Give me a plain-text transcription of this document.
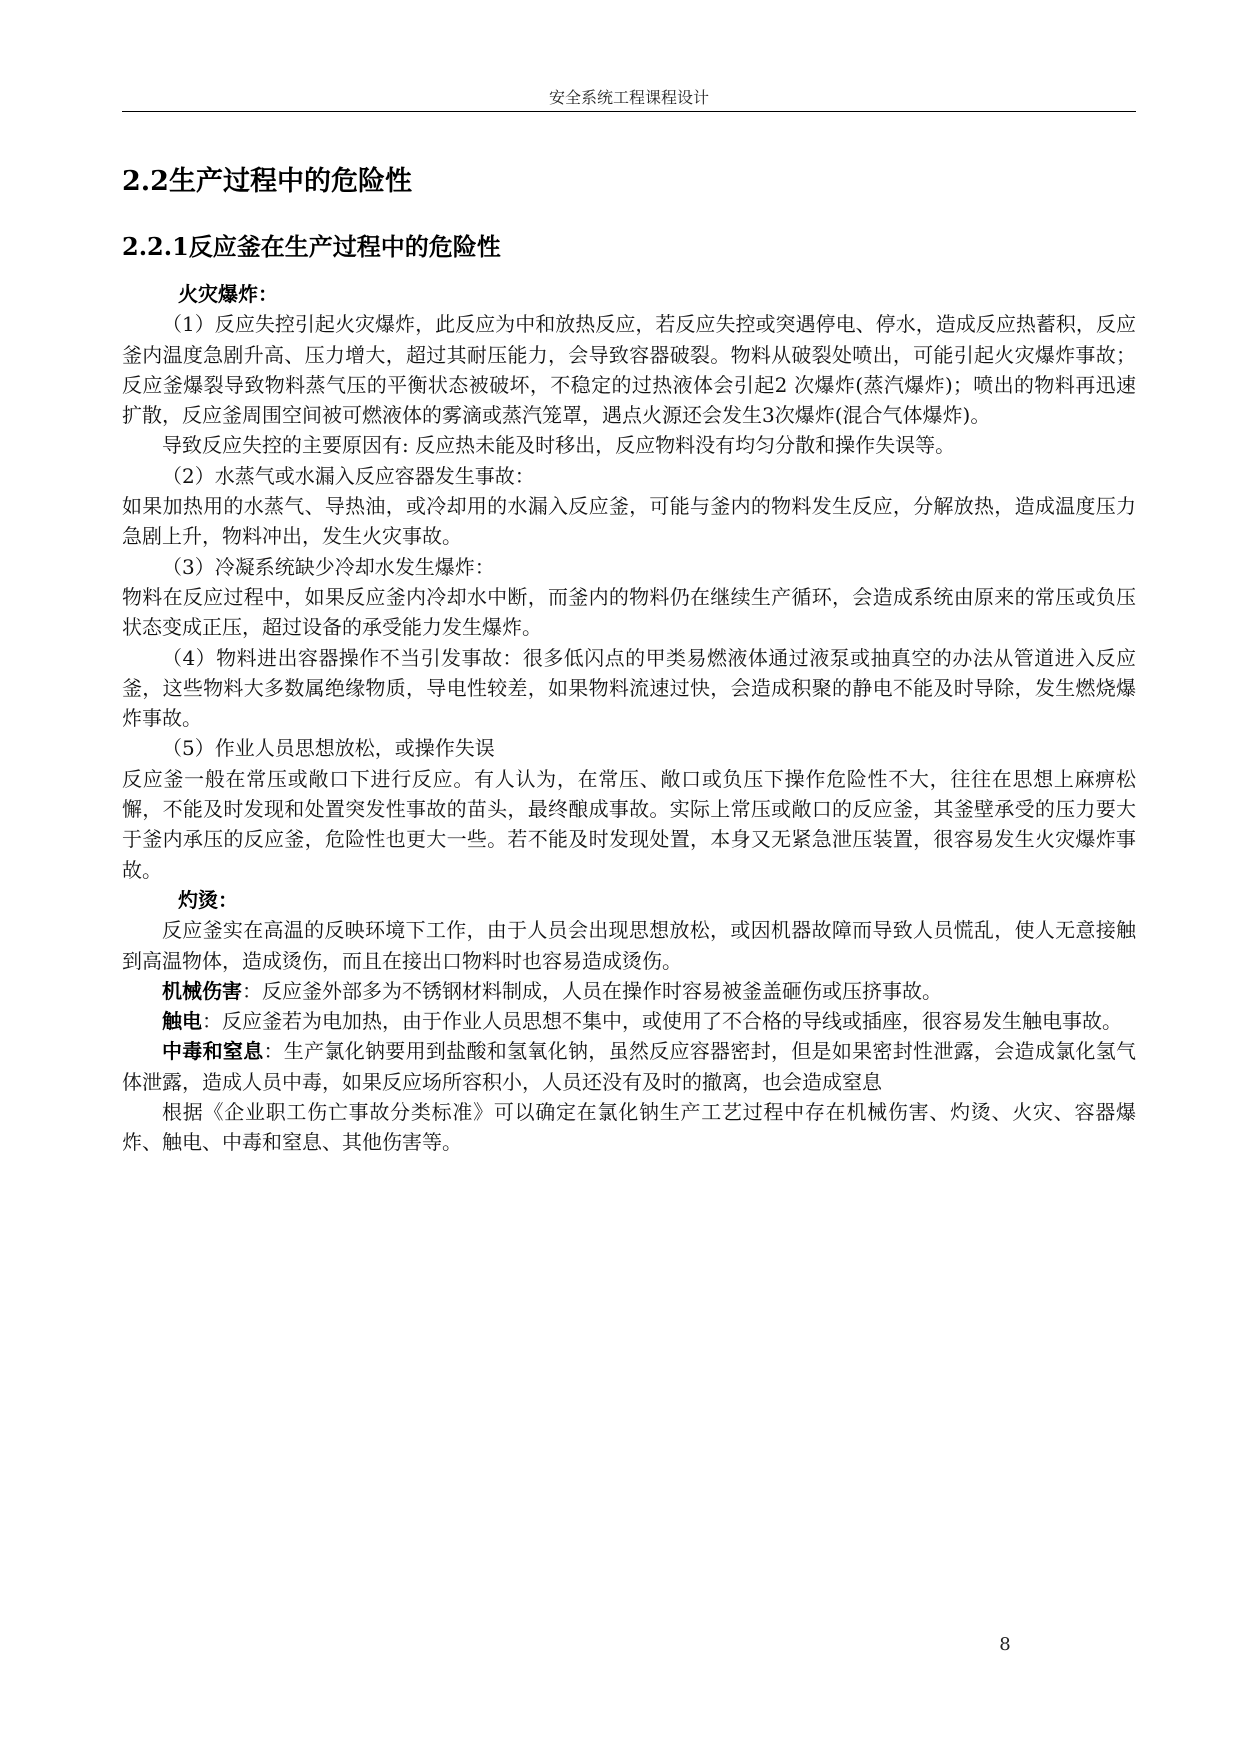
安全系统工程课程设计
2.2生产过程中的危险性
2.2.1反应釜在生产过程中的危险性

火灾爆炸：

（1）反应失控引起火灾爆炸，此反应为中和放热反应，若反应失控或突遇停电、停水，造成反应热蓄积，反应釜内温度急剧升高、压力增大，超过其耐压能力，会导致容器破裂。物料从破裂处喷出，可能引起火灾爆炸事故；反应釜爆裂导致物料蒸气压的平衡状态被破坏，不稳定的过热液体会引起2 次爆炸(蒸汽爆炸)；喷出的物料再迅速扩散，反应釜周围空间被可燃液体的雾滴或蒸汽笼罩，遇点火源还会发生3次爆炸(混合气体爆炸)。

导致反应失控的主要原因有: 反应热未能及时移出，反应物料没有均匀分散和操作失误等。

（2）水蒸气或水漏入反应容器发生事故：

如果加热用的水蒸气、导热油，或冷却用的水漏入反应釜，可能与釜内的物料发生反应，分解放热，造成温度压力急剧上升，物料冲出，发生火灾事故。

（3）冷凝系统缺少冷却水发生爆炸：

物料在反应过程中，如果反应釜内冷却水中断，而釜内的物料仍在继续生产循环，会造成系统由原来的常压或负压状态变成正压，超过设备的承受能力发生爆炸。

（4）物料进出容器操作不当引发事故：很多低闪点的甲类易燃液体通过液泵或抽真空的办法从管道进入反应釜，这些物料大多数属绝缘物质，导电性较差，如果物料流速过快，会造成积聚的静电不能及时导除，发生燃烧爆炸事故。

（5）作业人员思想放松，或操作失误

反应釜一般在常压或敞口下进行反应。有人认为，在常压、敞口或负压下操作危险性不大，往往在思想上麻痹松懈，不能及时发现和处置突发性事故的苗头，最终酿成事故。实际上常压或敞口的反应釜，其釜壁承受的压力要大于釜内承压的反应釜，危险性也更大一些。若不能及时发现处置，本身又无紧急泄压装置，很容易发生火灾爆炸事故。

灼烫：

反应釜实在高温的反映环境下工作，由于人员会出现思想放松，或因机器故障而导致人员慌乱，使人无意接触到高温物体，造成烫伤，而且在接出口物料时也容易造成烫伤。

机械伤害：反应釜外部多为不锈钢材料制成，人员在操作时容易被釜盖砸伤或压挤事故。

触电：反应釜若为电加热，由于作业人员思想不集中，或使用了不合格的导线或插座，很容易发生触电事故。

中毒和窒息：生产氯化钠要用到盐酸和氢氧化钠，虽然反应容器密封，但是如果密封性泄露，会造成氯化氢气体泄露，造成人员中毒，如果反应场所容积小，人员还没有及时的撤离，也会造成窒息

根据《企业职工伤亡事故分类标准》可以确定在氯化钠生产工艺过程中存在机械伤害、灼烫、火灾、容器爆炸、触电、中毒和窒息、其他伤害等。

8
